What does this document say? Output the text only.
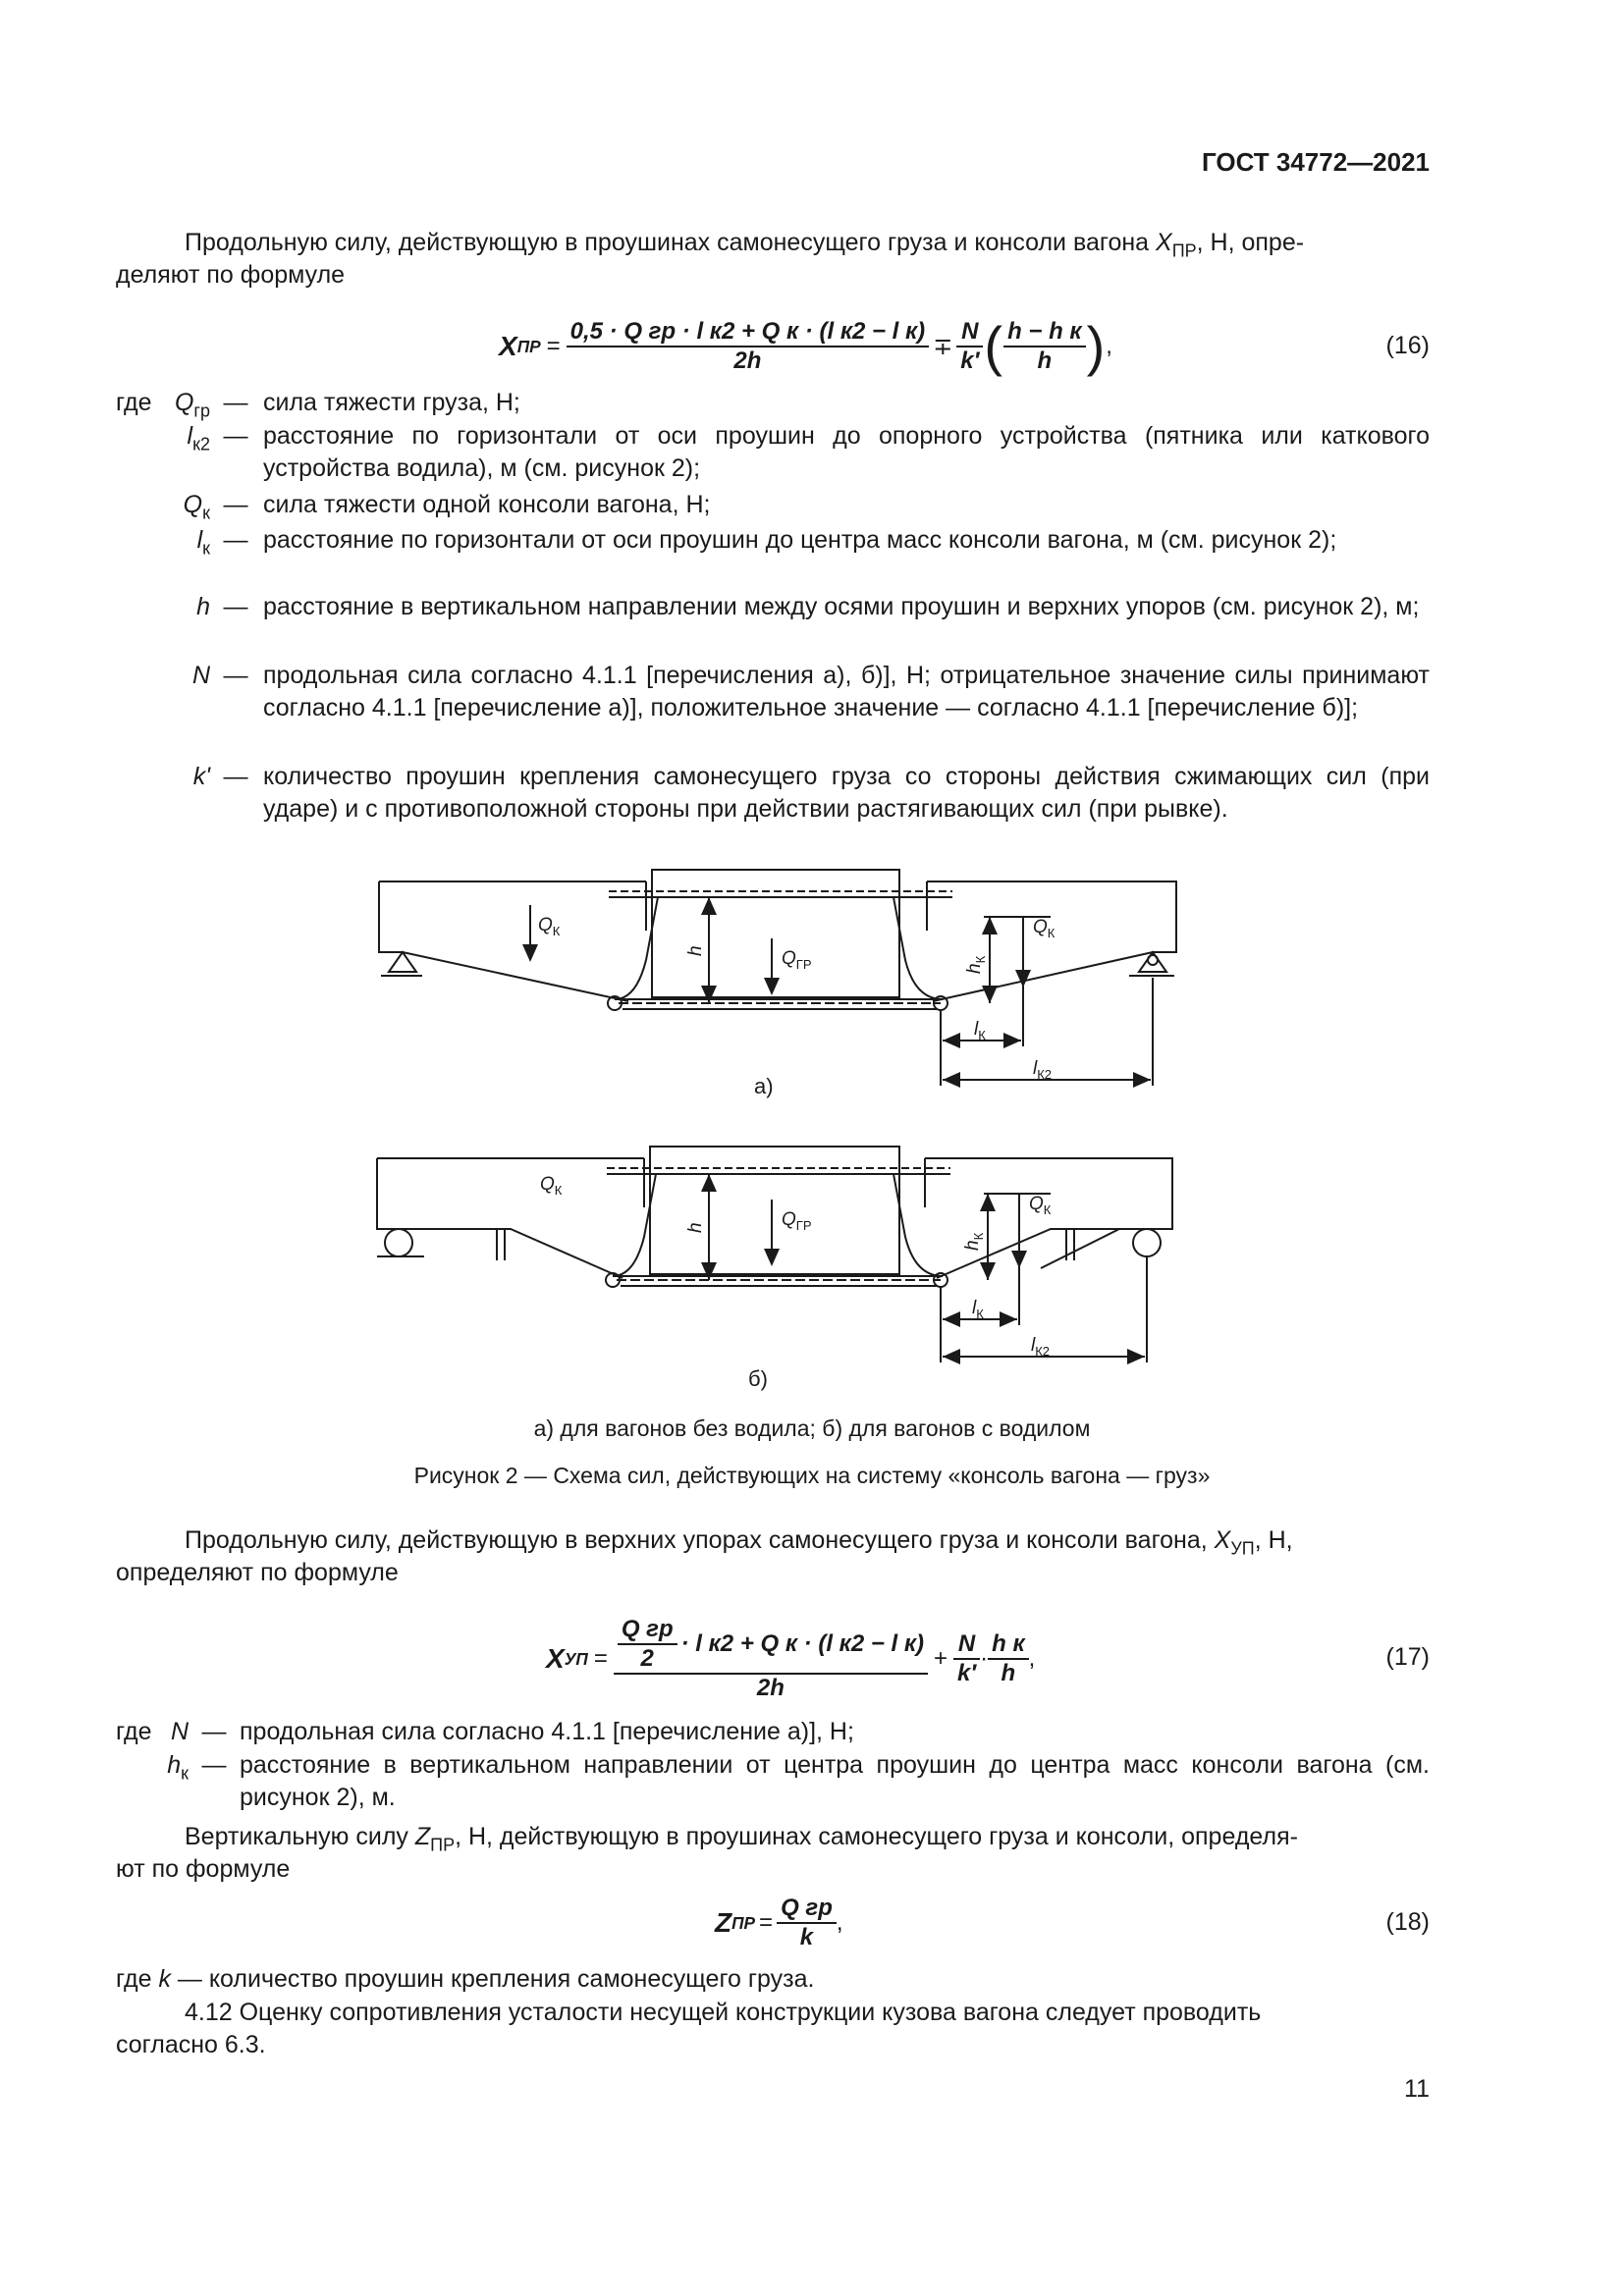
ГОСТ 34772—2021
Продольную силу, действующую в проушинах самонесущего груза и консоли вагона $X_{ПР}$, Н, опре-
деляют по формуле
X ПР = $\frac{\text{0,5 · Q гр · l к2 + Q к · (l к2 − l к)}}{2h} \mp \frac{N}{k'}$ ( $\frac{\text{h − h к}}{h}$ ) ,	(16)
где $Q_{гр}$ — сила тяжести груза, Н;
$l_{к2}$ — расстояние по горизонтали от оси проушин до опорного устройства (пятника или каткового устройства водила), м (см. рисунок 2);
$Q_к$ — сила тяжести одной консоли вагона, Н;
$l_к$ — расстояние по горизонтали от оси проушин до центра масс консоли вагона, м (см. рисунок 2);
h — расстояние в вертикальном направлении между осями проушин и верхних упоров (см. рисунок 2), м;
N — продольная сила согласно 4.1.1 [перечисления а), б)], Н; отрицательное значение силы принимают согласно 4.1.1 [перечисление а)], положительное значение — согласно 4.1.1 [перечисление б)];
k' — количество проушин крепления самонесущего груза со стороны действия сжимающих сил (при ударе) и с противоположной стороны при действии растягивающих сил (при рывке).
$Q_К$
$Q_{ГР}$
$Q_К$
h
$h_К$
$l_К$
$l_{К2}$
а)
$Q_К$
$Q_{ГР}$
$Q_К$
h
$h_К$
$l_К$
$l_{К2}$
б)
а) для вагонов без водила; б) для вагонов с водилом
Рисунок 2 — Схема сил, действующих на систему «консоль вагона — груз»
Продольную силу, действующую в верхних упорах самонесущего груза и консоли вагона, $X_{УП}$, Н,
определяют по формуле
X УП = $\frac{\frac{\text{Q гр}}{2} \cdot l к2 + Q к \cdot (l к2 - l к)}{2h} + \frac{N}{k'} \cdot \frac{\text{h к}}{h}$ ,	(17)
где N — продольная сила согласно 4.1.1 [перечисление а)], Н;
$h_к$ — расстояние в вертикальном направлении от центра проушин до центра масс консоли вагона (см. рисунок 2), м.
Вертикальную силу $Z_{ПР}$, Н, действующую в проушинах самонесущего груза и консоли, определя-
ют по формуле
Z ПР = $\frac{\text{Q гр}}{k}$ ,	(18)
где k — количество проушин крепления самонесущего груза.
4.12 Оценку сопротивления усталости несущей конструкции кузова вагона следует проводить
согласно 6.3.
11
